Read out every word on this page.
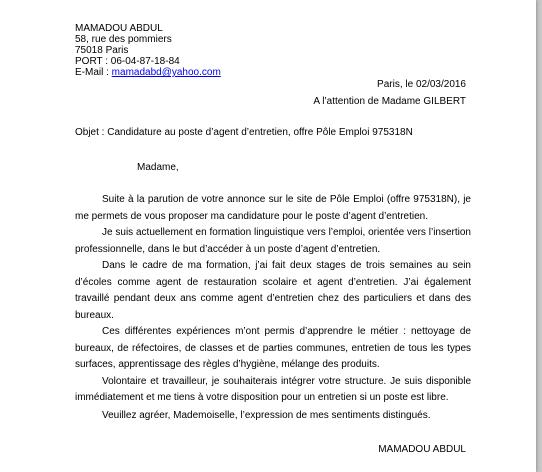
MAMADOU ABDUL
58, rue des pommiers
75018 Paris
PORT : 06-04-87-18-84
E-Mail : mamadabd@yahoo.com
Paris, le 02/03/2016
A l’attention de Madame GILBERT
Objet : Candidature au poste d’agent d’entretien, offre Pôle Emploi 975318N
Madame,

Suite à la parution de votre annonce sur le site de Pôle Emploi (offre 975318N), je me permets de vous proposer ma candidature pour le poste d’agent d’entretien.

Je suis actuellement en formation linguistique vers l’emploi, orientée vers l’insertion professionnelle, dans le but d’accéder à un poste d’agent d’entretien.

Dans le cadre de ma formation, j’ai fait deux stages de trois semaines au sein d’écoles comme agent de restauration scolaire et agent d’entretien. J’ai également travaillé pendant deux ans comme agent d’entretien chez des particuliers et dans des bureaux.

Ces différentes expériences m’ont permis d’apprendre le métier : nettoyage de bureaux, de réfectoires, de classes et de parties communes, entretien de tous les types surfaces, apprentissage des règles d’hygiène, mélange des produits.

Volontaire et travailleur, je souhaiterais intégrer votre structure. Je suis disponible immédiatement et me tiens à votre disposition pour un entretien si un poste est libre.

Veuillez agréer, Mademoiselle, l’expression de mes sentiments distingués.
MAMADOU ABDUL
